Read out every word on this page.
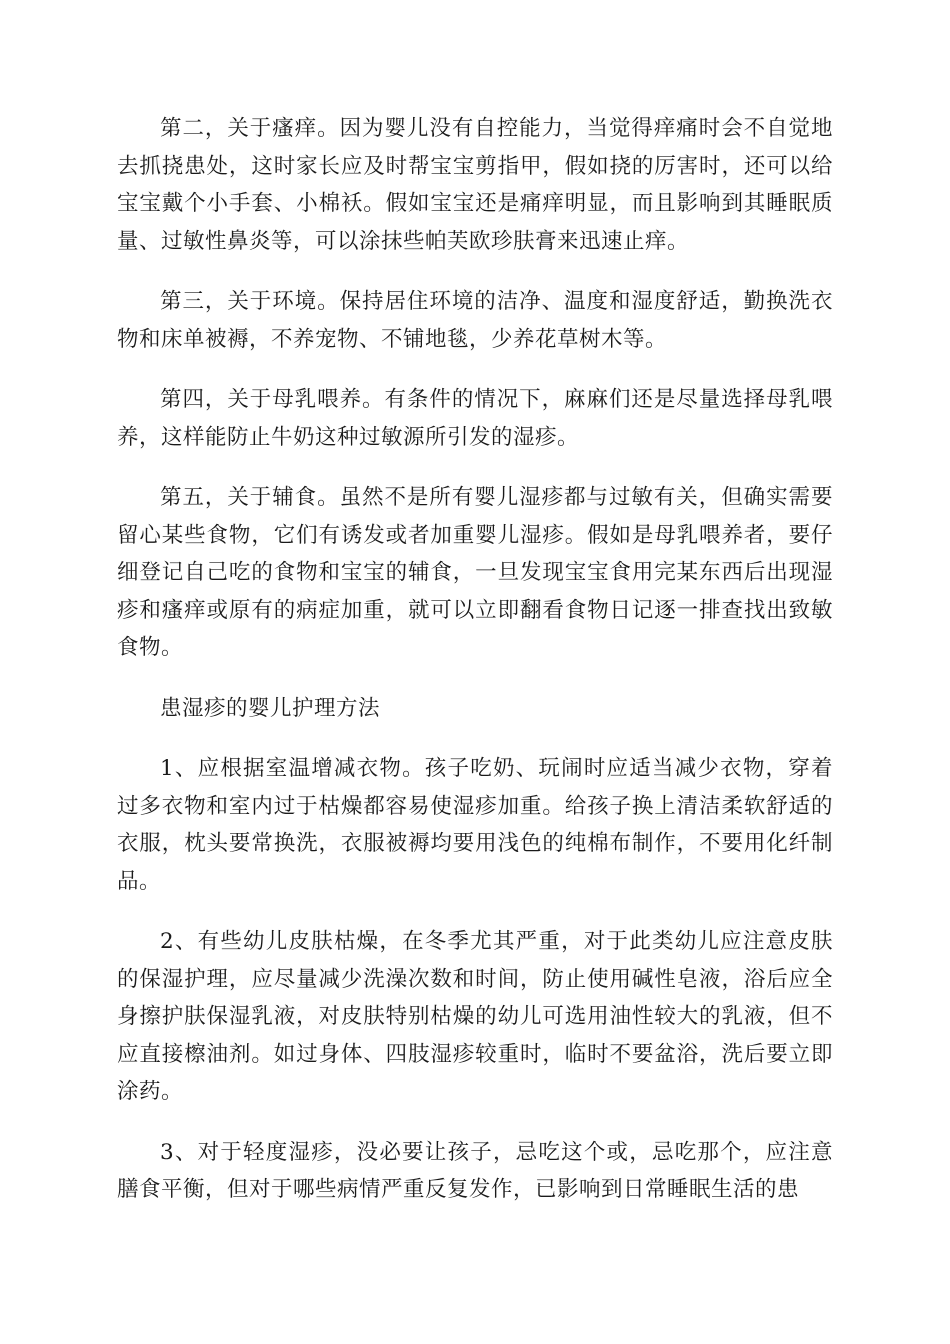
第二，关于瘙痒。因为婴儿没有自控能力，当觉得痒痛时会不自觉地去抓挠患处，这时家长应及时帮宝宝剪指甲，假如挠的厉害时，还可以给宝宝戴个小手套、小棉袄。假如宝宝还是痛痒明显，而且影响到其睡眠质量、过敏性鼻炎等，可以涂抹些帕芙欧珍肤膏来迅速止痒。

第三，关于环境。保持居住环境的洁净、温度和湿度舒适，勤换洗衣物和床单被褥，不养宠物、不铺地毯，少养花草树木等。

第四，关于母乳喂养。有条件的情况下，麻麻们还是尽量选择母乳喂养，这样能防止牛奶这种过敏源所引发的湿疹。

第五，关于辅食。虽然不是所有婴儿湿疹都与过敏有关，但确实需要留心某些食物，它们有诱发或者加重婴儿湿疹。假如是母乳喂养者，要仔细登记自己吃的食物和宝宝的辅食，一旦发现宝宝食用完某东西后出现湿疹和瘙痒或原有的病症加重，就可以立即翻看食物日记逐一排查找出致敏食物。

患湿疹的婴儿护理方法

1、应根据室温增减衣物。孩子吃奶、玩闹时应适当减少衣物，穿着过多衣物和室内过于枯燥都容易使湿疹加重。给孩子换上清洁柔软舒适的衣服，枕头要常换洗，衣服被褥均要用浅色的纯棉布制作，不要用化纤制品。

2、有些幼儿皮肤枯燥，在冬季尤其严重，对于此类幼儿应注意皮肤的保湿护理，应尽量减少洗澡次数和时间，防止使用碱性皂液，浴后应全身擦护肤保湿乳液，对皮肤特别枯燥的幼儿可选用油性较大的乳液，但不应直接檫油剂。如过身体、四肢湿疹较重时，临时不要盆浴，洗后要立即涂药。

3、对于轻度湿疹，没必要让孩子，忌吃这个或，忌吃那个，应注意膳食平衡，但对于哪些病情严重反复发作，已影响到日常睡眠生活的患
